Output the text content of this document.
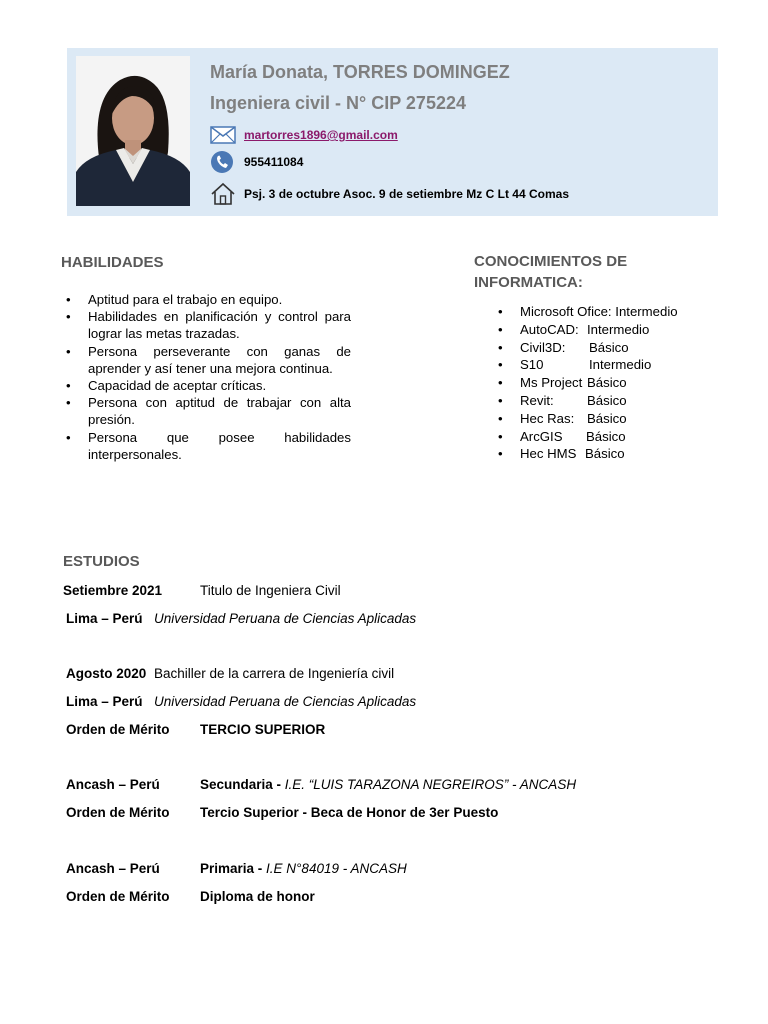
María Donata, TORRES DOMINGEZ
Ingeniera civil - N° CIP 275224
martorres1896@gmail.com
955411084
Psj. 3 de octubre Asoc. 9 de setiembre Mz C Lt 44 Comas
HABILIDADES
• Aptitud para el trabajo en equipo.
• Habilidades en planificación y control para lograr las metas trazadas.
• Persona perseverante con ganas de aprender y así tener una mejora continua.
• Capacidad de aceptar críticas.
• Persona con aptitud de trabajar con alta presión.
• Persona que posee habilidades interpersonales.
CONOCIMIENTOS DE
INFORMATICA:
• Microsoft Ofice: Intermedio
• AutoCAD: Intermedio
• Civil3D: Básico
• S10	Intermedio
• Ms Project Básico
• Revit:	Básico
• Hec Ras: Básico
• ArcGIS Básico
• Hec HMS Básico
ESTUDIOS
Setiembre 2021	Titulo de Ingeniera Civil
Lima – Perú Universidad Peruana de Ciencias Aplicadas
Agosto 2020 Bachiller de la carrera de Ingeniería civil
Lima – Perú Universidad Peruana de Ciencias Aplicadas
Orden de Mérito TERCIO SUPERIOR
Ancash – Perú	Secundaria - I.E. “LUIS TARAZONA NEGREIROS” - ANCASH
Orden de Mérito Tercio Superior - Beca de Honor de 3er Puesto
Ancash – Perú	Primaria - I.E N°84019 - ANCASH
Orden de Mérito Diploma de honor
